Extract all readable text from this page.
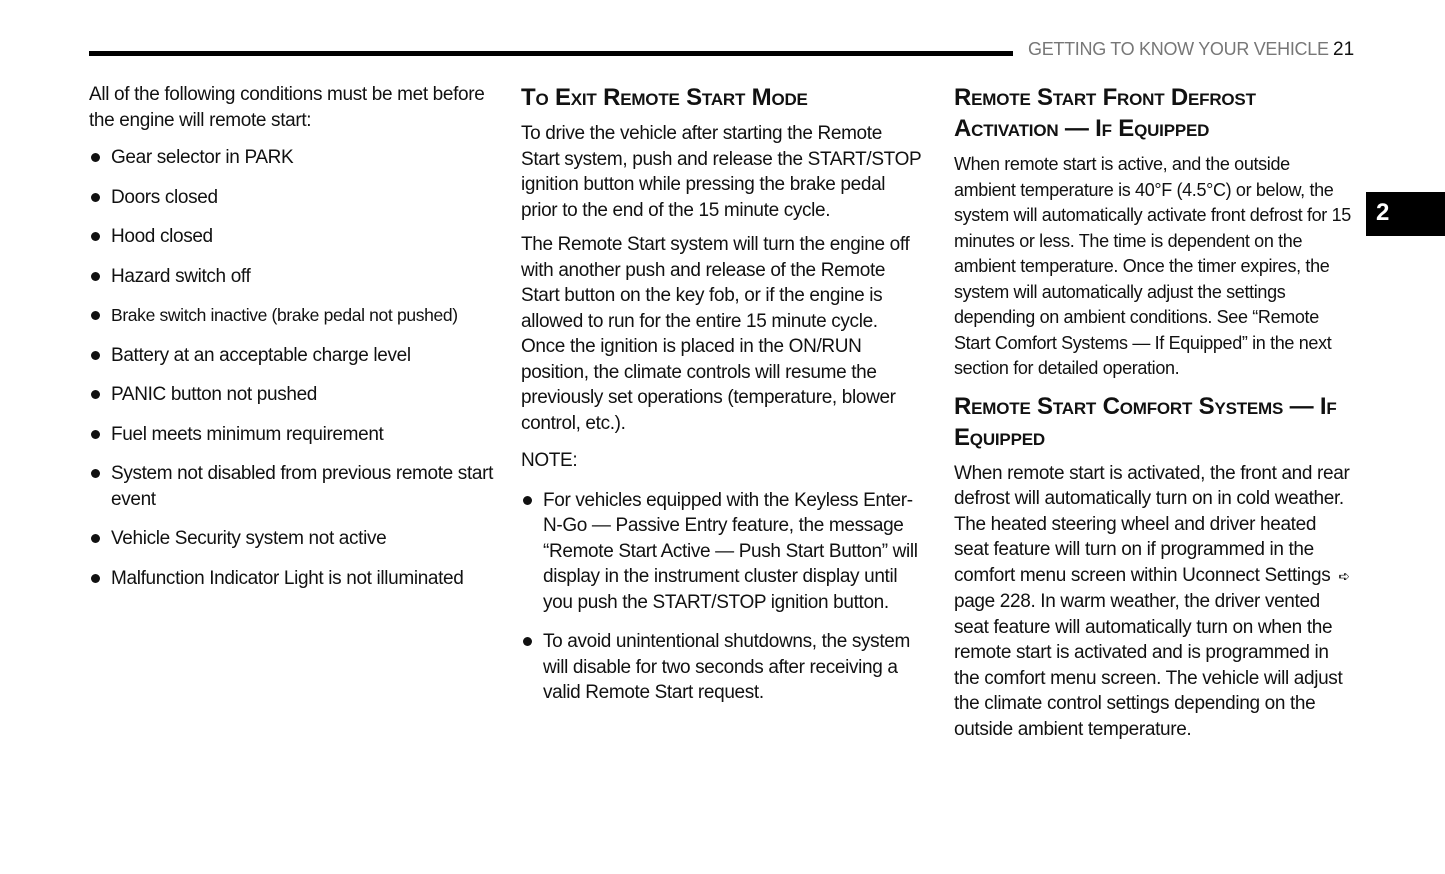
GETTING TO KNOW YOUR VEHICLE 21
2

All of the following conditions must be met before the engine will remote start:

Gear selector in PARK
Doors closed
Hood closed
Hazard switch off
Brake switch inactive (brake pedal not pushed)
Battery at an acceptable charge level
PANIC button not pushed
Fuel meets minimum requirement
System not disabled from previous remote start event
Vehicle Security system not active
Malfunction Indicator Light is not illuminated
To Exit Remote Start Mode

To drive the vehicle after starting the Remote Start system, push and release the START/STOP ignition button while pressing the brake pedal prior to the end of the 15 minute cycle.

The Remote Start system will turn the engine off with another push and release of the Remote Start button on the key fob, or if the engine is allowed to run for the entire 15 minute cycle. Once the ignition is placed in the ON/RUN position, the climate controls will resume the previously set operations (temperature, blower control, etc.).

NOTE:
For vehicles equipped with the Keyless Enter-N-Go — Passive Entry feature, the message “Remote Start Active — Push Start Button” will display in the instrument cluster display until you push the START/STOP ignition button.
To avoid unintentional shutdowns, the system will disable for two seconds after receiving a valid Remote Start request.
Remote Start Front Defrost Activation — If Equipped

When remote start is active, and the outside ambient temperature is 40°F (4.5°C) or below, the system will automatically activate front defrost for 15 minutes or less. The time is dependent on the ambient temperature. Once the timer expires, the system will automatically adjust the settings depending on ambient conditions. See “Remote Start Comfort Systems — If Equipped” in the next section for detailed operation.

Remote Start Comfort Systems — If Equipped

When remote start is activated, the front and rear defrost will automatically turn on in cold weather. The heated steering wheel and driver heated seat feature will turn on if programmed in the comfort menu screen within Uconnect Settings ➪page 228. In warm weather, the driver vented seat feature will automatically turn on when the remote start is activated and is programmed in the comfort menu screen. The vehicle will adjust the climate control settings depending on the outside ambient temperature.
